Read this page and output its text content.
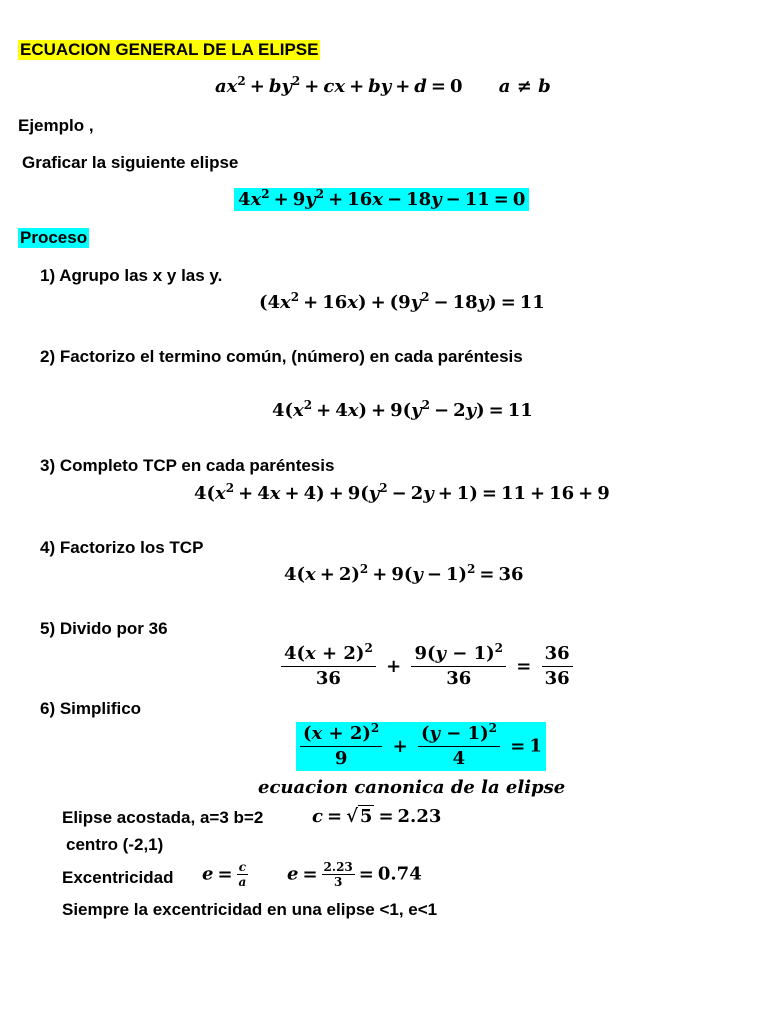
ECUACION GENERAL DE LA ELIPSE
$ax^2 + by^2$ + cx + by + d = 0 a ≠ b
Ejemplo ,
Graficar la siguiente elipse
$4x^2 + 9y^2 + 16x - 18y - 11 = 0$
Proceso
1) Agrupo las x y las y.
$(4x^2 + 16x) + (9y^2 - 18y) = 11$
2) Factorizo el termino común, (número) en cada paréntesis
$4(x^2 + 4x) + 9(y^2 - 2y) = 11$
3) Completo TCP en cada paréntesis
$4(x^2 + 4x + 4) + 9(y^2 - 2y + 1) = 11 + 16 + 9$
4) Factorizo los TCP
$4(x + 2)^2 + 9(y - 1)^2 = 36$
5) Divido por 36
$\frac{4(x + 2)^2}{36} + \frac{9(y - 1)^2}{36} = \frac{36}{36}$
6) Simplifico
$\frac{(x + 2)^2}{9} + \frac{(y - 1)^2}{4} = 1$
ecuacion canonica de la elipse
Elipse acostada, a=3 b=2	c = √ 5 = 2.23
centro (-2,1)
Excentricidad $e = \frac{c}{a}$ $e = \frac{2.23}{3} = 0.74$
Siempre la excentricidad en una elipse <1, e<1
